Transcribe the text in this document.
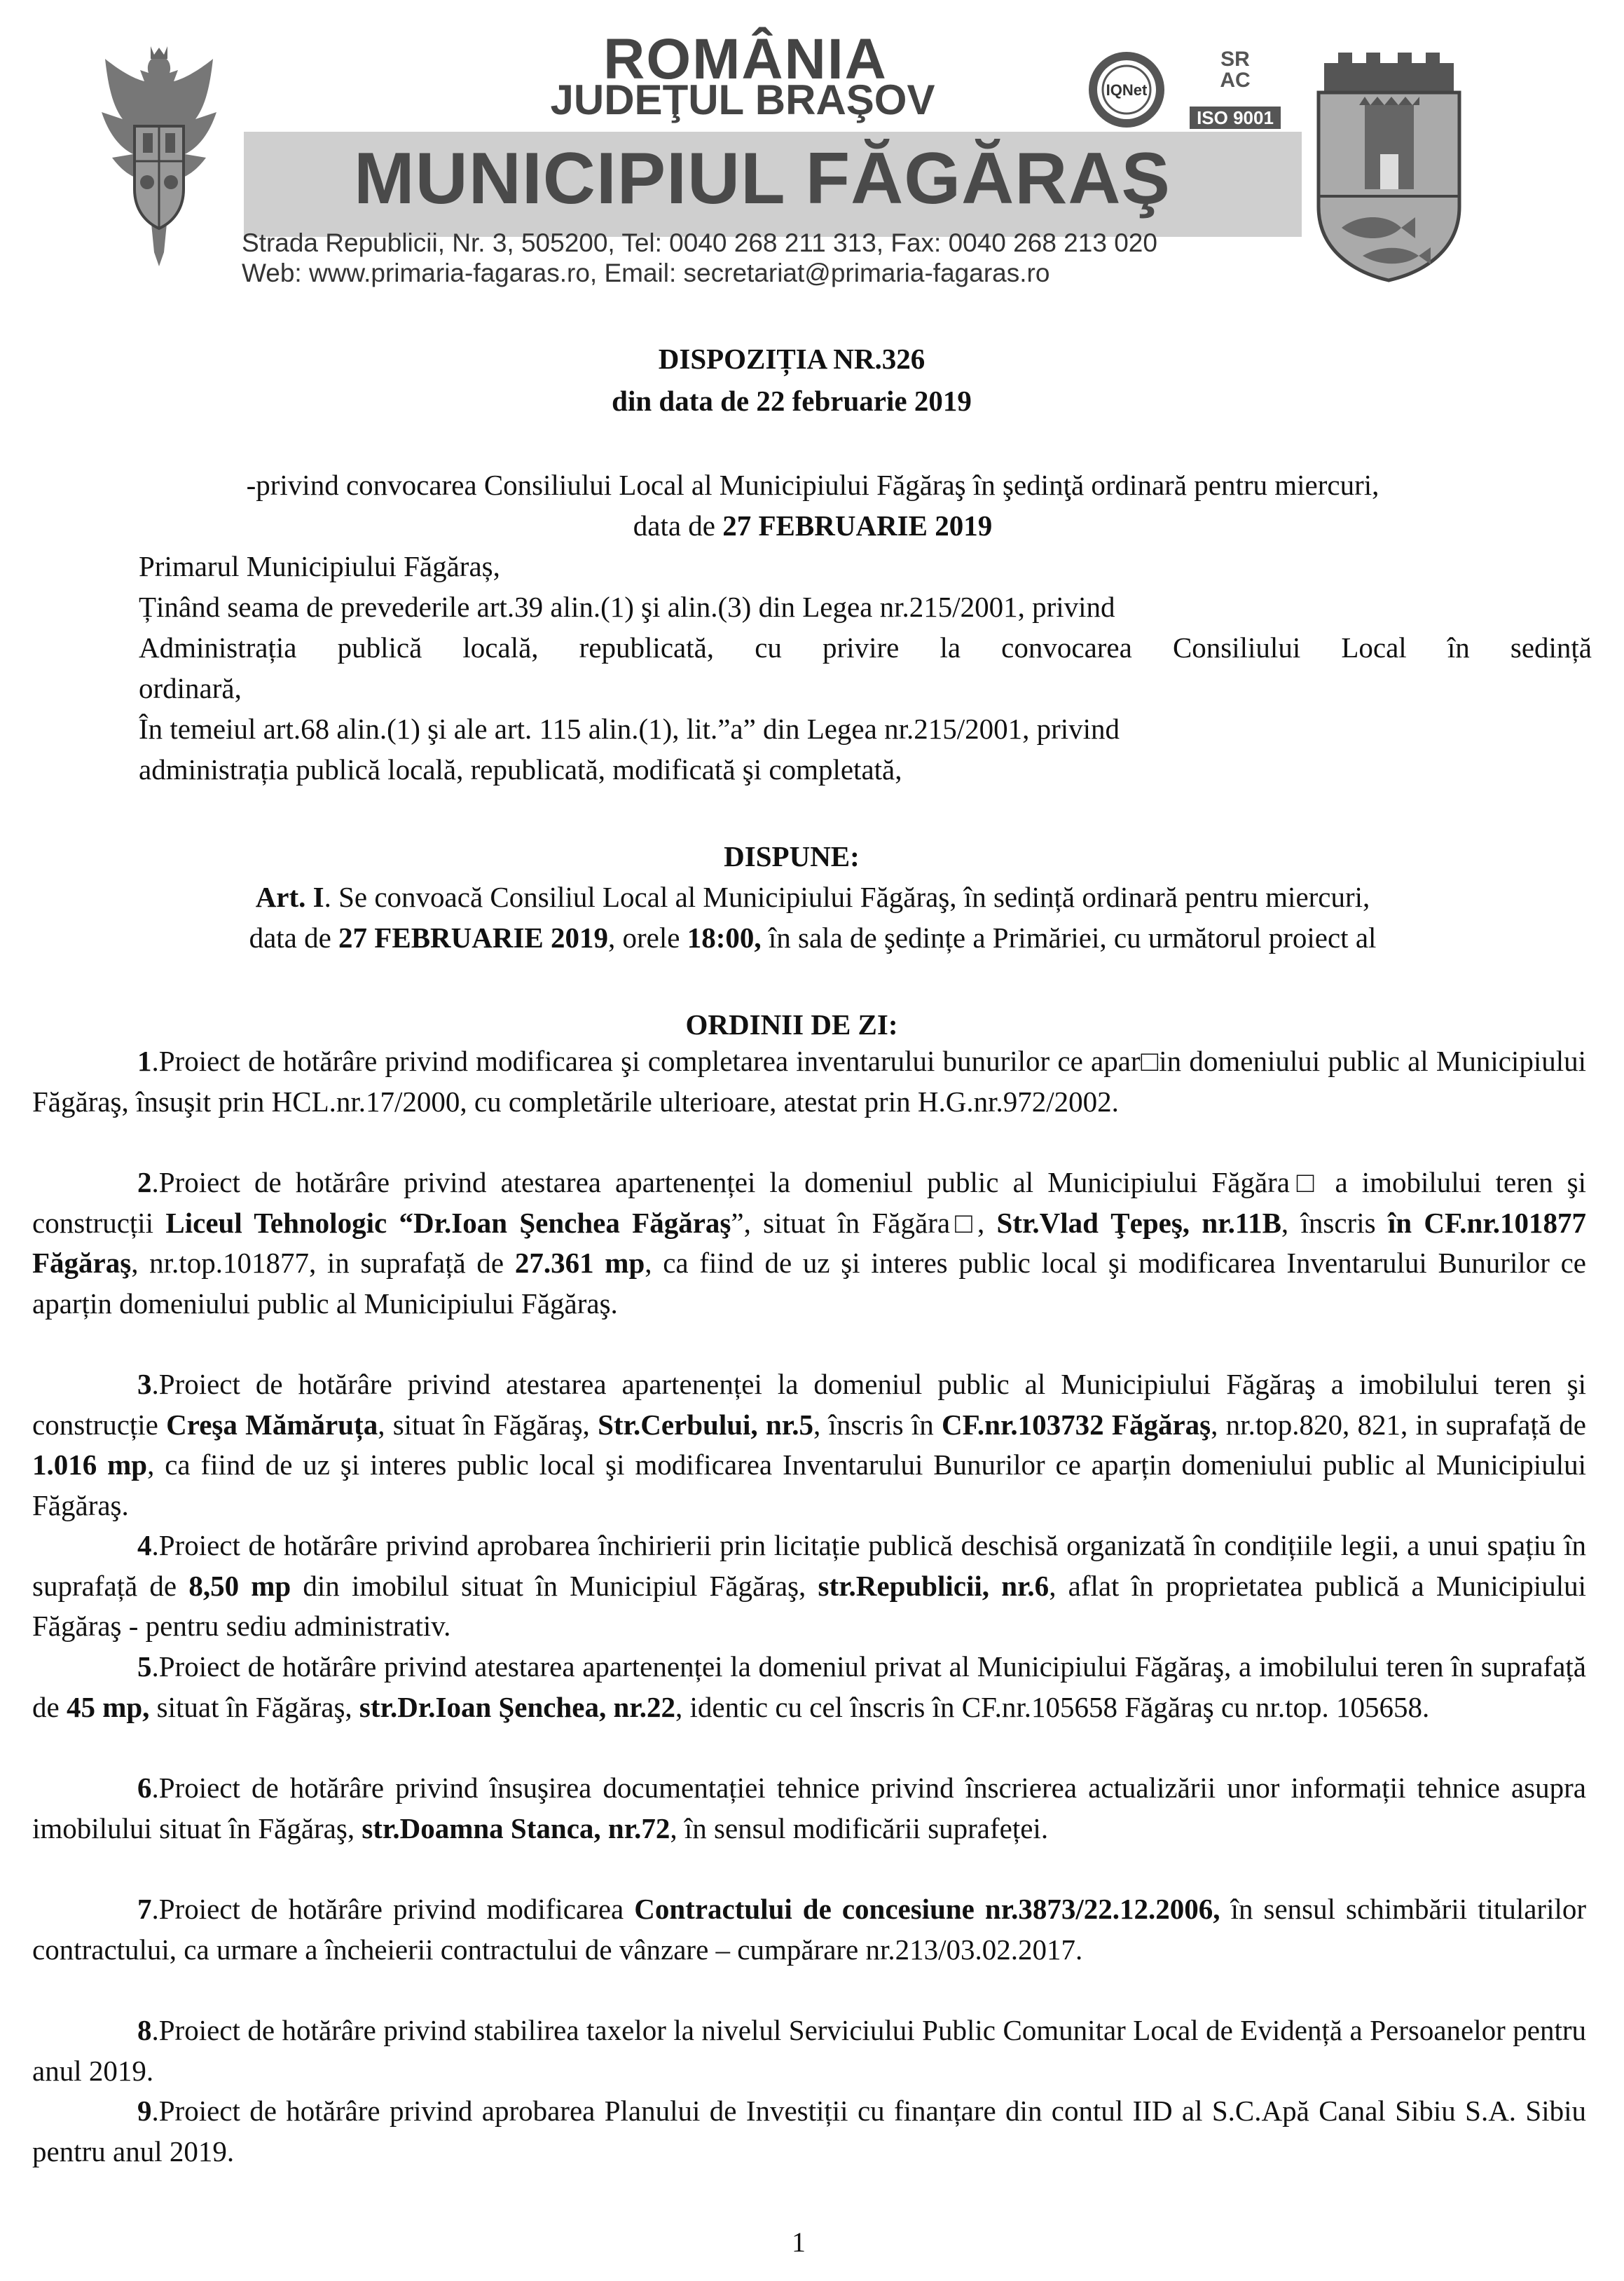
ROMÂNIA
JUDEŢUL BRAŞOV
MUNICIPIUL FĂGĂRAŞ
Strada Republicii, Nr. 3, 505200, Tel: 0040 268 211 313, Fax: 0040 268 213 020
Web: www.primaria-fagaras.ro, Email: secretariat@primaria-fagaras.ro
IQNet
SR
AC
ISO 9001
DISPOZIȚIA NR.326
din data de 22 februarie 2019
-privind convocarea Consiliului Local al Municipiului Făgăraş în şedinţă ordinară pentru miercuri,
data de 27 FEBRUARIE 2019
Primarul Municipiului Făgăraș,
Ținând seama de prevederile art.39 alin.(1) şi alin.(3) din Legea nr.215/2001, privind
Administrația publică locală, republicată, cu privire la convocarea Consiliului Local în sedință
ordinară,
În temeiul art.68 alin.(1) şi ale art. 115 alin.(1), lit.”a” din Legea nr.215/2001, privind
administrația publică locală, republicată, modificată şi completată,
DISPUNE:
Art. I. Se convoacă Consiliul Local al Municipiului Făgăraş, în sedință ordinară pentru miercuri,
data de 27 FEBRUARIE 2019, orele 18:00, în sala de şedințe a Primăriei, cu următorul proiect al
ORDINII DE ZI:
1.Proiect de hotărâre privind modificarea şi completarea inventarului bunurilor ce apar□in domeniului public al Municipiului Făgăraş, însuşit prin HCL.nr.17/2000, cu completările ulterioare, atestat prin H.G.nr.972/2002.
2.Proiect de hotărâre privind atestarea apartenenței la domeniul public al Municipiului Făgăra□ a imobilului teren şi construcții Liceul Tehnologic “Dr.Ioan Şenchea Făgăraş”, situat în Făgăra□, Str.Vlad Ţepeş, nr.11B, înscris în CF.nr.101877 Făgăraş, nr.top.101877, in suprafață de 27.361 mp, ca fiind de uz şi interes public local şi modificarea Inventarului Bunurilor ce aparțin domeniului public al Municipiului Făgăraş.
3.Proiect de hotărâre privind atestarea apartenenței la domeniul public al Municipiului Făgăraş a imobilului teren şi construcție Creşa Mămăruța, situat în Făgăraş, Str.Cerbului, nr.5, înscris în CF.nr.103732 Făgăraş, nr.top.820, 821, in suprafață de 1.016 mp, ca fiind de uz şi interes public local şi modificarea Inventarului Bunurilor ce aparțin domeniului public al Municipiului Făgăraş.
4.Proiect de hotărâre privind aprobarea închirierii prin licitație publică deschisă organizată în condițiile legii, a unui spațiu în suprafață de 8,50 mp din imobilul situat în Municipiul Făgăraş, str.Republicii, nr.6, aflat în proprietatea publică a Municipiului Făgăraş - pentru sediu administrativ.
5.Proiect de hotărâre privind atestarea apartenenței la domeniul privat al Municipiului Făgăraş, a imobilului teren în suprafață de 45 mp, situat în Făgăraş, str.Dr.Ioan Şenchea, nr.22, identic cu cel înscris în CF.nr.105658 Făgăraş cu nr.top. 105658.
6.Proiect de hotărâre privind însuşirea documentației tehnice privind înscrierea actualizării unor informații tehnice asupra imobilului situat în Făgăraş, str.Doamna Stanca, nr.72, în sensul modificării suprafeței.
7.Proiect de hotărâre privind modificarea Contractului de concesiune nr.3873/22.12.2006, în sensul schimbării titularilor contractului, ca urmare a încheierii contractului de vânzare – cumpărare nr.213/03.02.2017.
8.Proiect de hotărâre privind stabilirea taxelor la nivelul Serviciului Public Comunitar Local de Evidență a Persoanelor pentru anul 2019.
9.Proiect de hotărâre privind aprobarea Planului de Investiții cu finanțare din contul IID al S.C.Apă Canal Sibiu S.A. Sibiu pentru anul 2019.
1
